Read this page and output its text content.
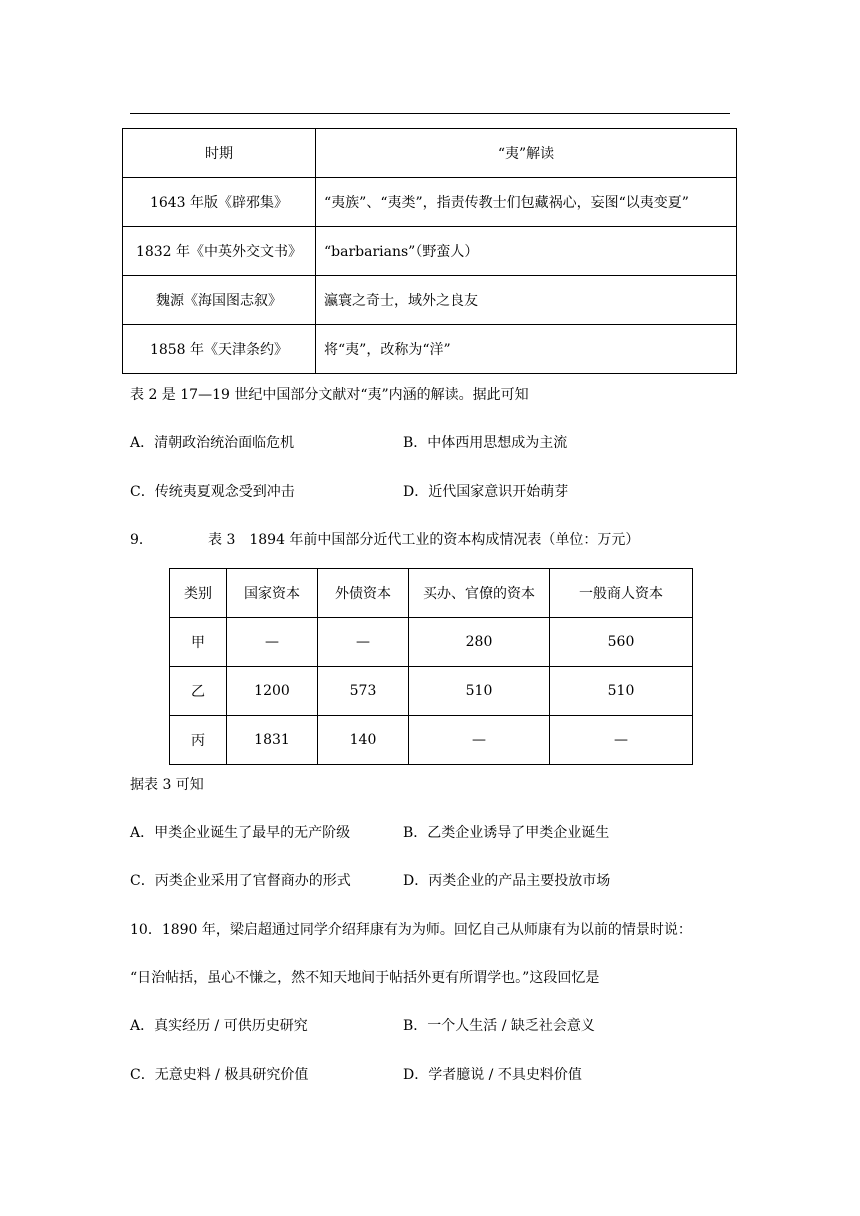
时期	“夷”解读
1643 年版《辟邪集》	“夷族”、“夷类”，指责传教士们包藏祸心，妄图“以夷变夏”
1832 年《中英外交文书》	“barbarians”（野蛮人）
魏源《海国图志叙》	瀛寰之奇士，域外之良友
1858 年《天津条约》	将“夷”，改称为“洋”
表 2 是 17—19 世纪中国部分文献对“夷”内涵的解读。据此可知
A．清朝政治统治面临危机	B．中体西用思想成为主流
C．传统夷夏观念受到冲击	D．近代国家意识开始萌芽
9．	表 3　1894 年前中国部分近代工业的资本构成情况表（单位：万元）
类别	国家资本	外债资本	买办、官僚的资本	一般商人资本
甲	—	—	280	560
乙	1200	573	510	510
丙	1831	140	—	—
据表 3 可知
A．甲类企业诞生了最早的无产阶级	B．乙类企业诱导了甲类企业诞生
C．丙类企业采用了官督商办的形式	D．丙类企业的产品主要投放市场
10．1890 年，梁启超通过同学介绍拜康有为为师。回忆自己从师康有为以前的情景时说：
“日治帖括，虽心不慊之，然不知天地间于帖括外更有所谓学也。”这段回忆是
A．真实经历 / 可供历史研究	B．一个人生活 / 缺乏社会意义
C．无意史料 / 极具研究价值	D．学者臆说 / 不具史料价值
